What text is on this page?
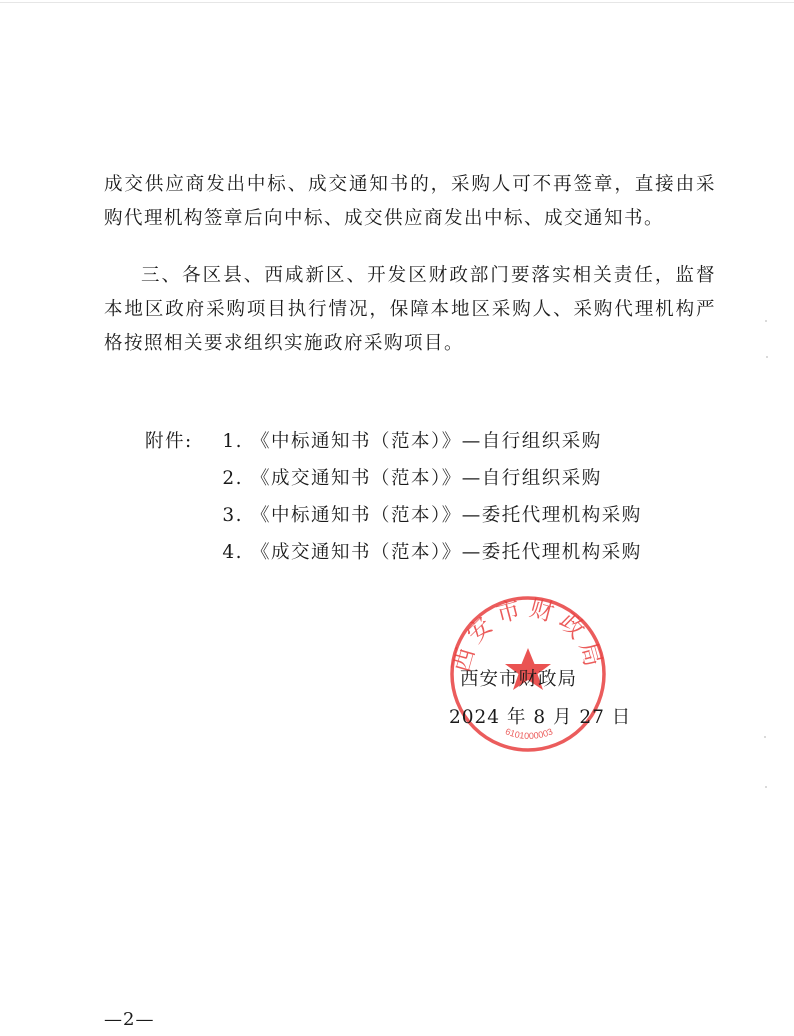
成交供应商发出中标、成交通知书的，采购人可不再签章，直接由采购代理机构签章后向中标、成交供应商发出中标、成交通知书。

三、各区县、西咸新区、开发区财政部门要落实相关责任，监督本地区政府采购项目执行情况，保障本地区采购人、采购代理机构严格按照相关要求组织实施政府采购项目。

附件:	1. 《中标通知书（范本）》—自行组织采购
2. 《成交通知书（范本）》—自行组织采购
3. 《中标通知书（范本）》—委托代理机构采购
4. 《成交通知书（范本）》—委托代理机构采购
西安市财政局
6101000003
西安市财政局
2024 年 8 月 27 日
—2—
